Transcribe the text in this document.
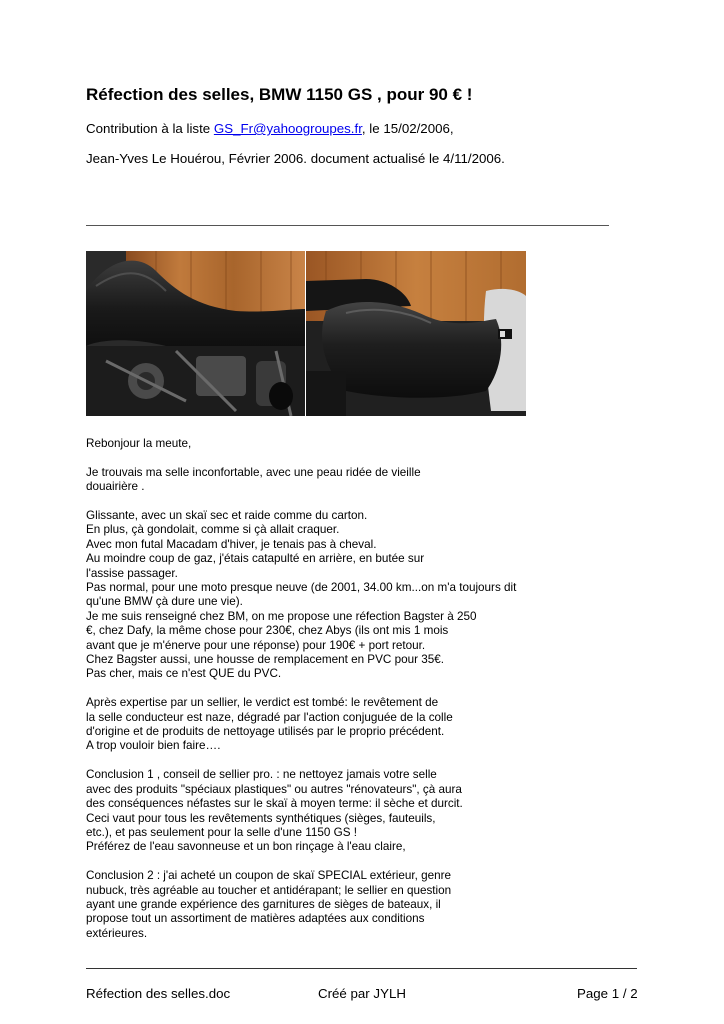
Réfection des selles, BMW 1150 GS , pour 90 € !
Contribution à la liste GS_Fr@yahoogroupes.fr, le 15/02/2006,
Jean-Yves Le Houérou, Février 2006. document actualisé le 4/11/2006.

Rebonjour la meute,

Je trouvais ma selle inconfortable, avec une peau ridée de vieille
douairière .

Glissante, avec un skaï sec et raide comme du carton.
En plus, çà gondolait, comme si çà allait craquer.
Avec mon futal Macadam d'hiver, je tenais pas à cheval.
Au moindre coup de gaz, j'étais catapulté en arrière, en butée sur
l'assise passager.
Pas normal, pour une moto presque neuve (de 2001, 34.00 km...on m'a toujours dit
qu'une BMW çà dure une vie).
Je me suis renseigné chez BM, on me propose une réfection Bagster à 250
€, chez Dafy, la même chose pour 230€, chez Abys (ils ont mis 1 mois
avant que je m'énerve pour une réponse) pour 190€ + port retour.
Chez Bagster aussi, une housse de remplacement en PVC pour 35€.
Pas cher, mais ce n'est QUE du PVC.

Après expertise par un sellier, le verdict est tombé: le revêtement de
la selle conducteur est naze, dégradé par l'action conjuguée de la colle
d'origine et de produits de nettoyage utilisés par le proprio précédent.
A trop vouloir bien faire….

Conclusion 1 , conseil de sellier pro. : ne nettoyez jamais votre selle
avec des produits "spéciaux plastiques" ou autres "rénovateurs", çà aura
des conséquences néfastes sur le skaï à moyen terme: il sèche et durcit.
Ceci vaut pour tous les revêtements synthétiques (sièges, fauteuils,
etc.), et pas seulement pour la selle d'une 1150 GS !
Préférez de l'eau savonneuse et un bon rinçage à l'eau claire,

Conclusion 2 : j'ai acheté un coupon de skaï SPECIAL extérieur, genre
nubuck, très agréable au toucher et antidérapant; le sellier en question
ayant une grande expérience des garnitures de sièges de bateaux, il
propose tout un assortiment de matières adaptées aux conditions
extérieures.

Réfection des selles.doc	Créé par JYLH	Page 1 / 2
